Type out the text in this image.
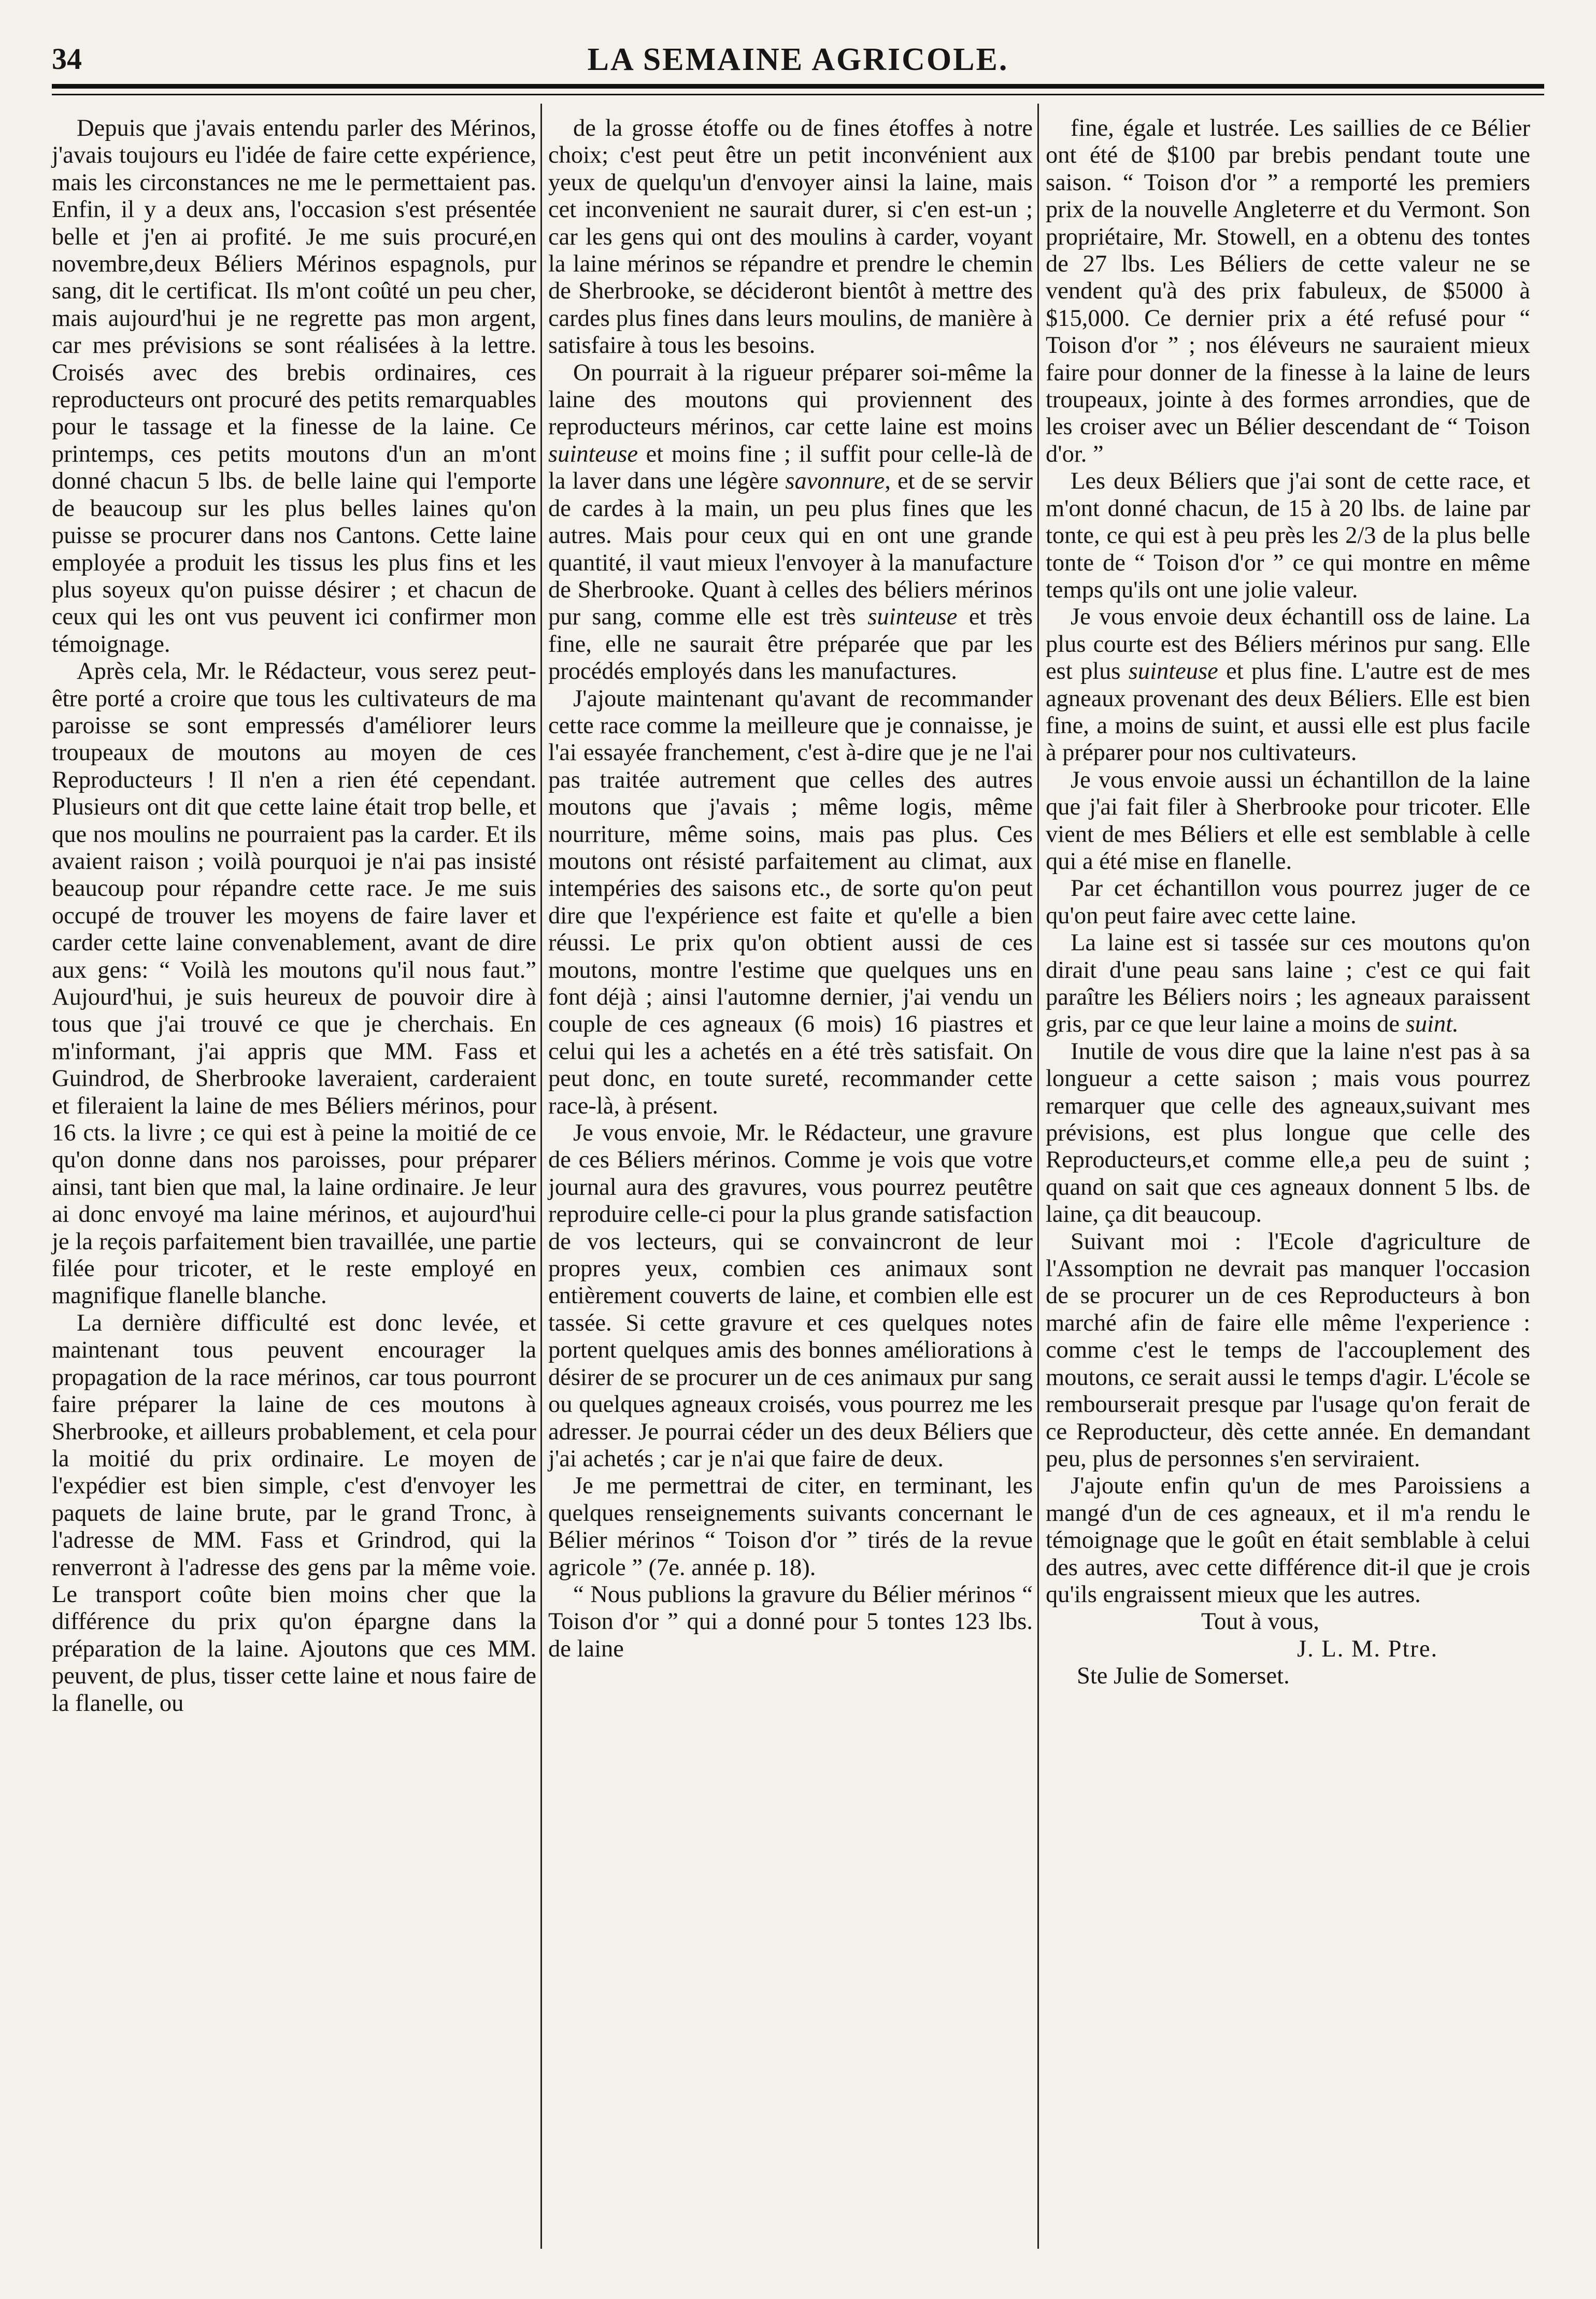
34	LA SEMAINE AGRICOLE.

Depuis que j'avais entendu parler des Mérinos, j'avais toujours eu l'idée de faire cette expérience, mais les circonstances ne me le permettaient pas. Enfin, il y a deux ans, l'occasion s'est présentée belle et j'en ai profité. Je me suis procuré,en novembre,deux Béliers Mérinos espagnols, pur sang, dit le certificat. Ils m'ont coûté un peu cher, mais aujourd'hui je ne regrette pas mon argent, car mes prévisions se sont réalisées à la lettre. Croisés avec des brebis ordinaires, ces reproducteurs ont procuré des petits remarquables pour le tassage et la finesse de la laine. Ce printemps, ces petits moutons d'un an m'ont donné chacun 5 lbs. de belle laine qui l'emporte de beaucoup sur les plus belles laines qu'on puisse se procurer dans nos Cantons. Cette laine employée a produit les tissus les plus fins et les plus soyeux qu'on puisse désirer ; et chacun de ceux qui les ont vus peuvent ici confirmer mon témoignage.

Après cela, Mr. le Rédacteur, vous serez peut-être porté a croire que tous les cultivateurs de ma paroisse se sont empressés d'améliorer leurs troupeaux de moutons au moyen de ces Reproducteurs ! Il n'en a rien été cependant. Plusieurs ont dit que cette laine était trop belle, et que nos moulins ne pourraient pas la carder. Et ils avaient raison ; voilà pourquoi je n'ai pas insisté beaucoup pour répandre cette race. Je me suis occupé de trouver les moyens de faire laver et carder cette laine convenablement, avant de dire aux gens: “ Voilà les moutons qu'il nous faut.” Aujourd'hui, je suis heureux de pouvoir dire à tous que j'ai trouvé ce que je cherchais. En m'informant, j'ai appris que MM. Fass et Guindrod, de Sherbrooke laveraient, carderaient et fileraient la laine de mes Béliers mérinos, pour 16 cts. la livre ; ce qui est à peine la moitié de ce qu'on donne dans nos paroisses, pour préparer ainsi, tant bien que mal, la laine ordinaire. Je leur ai donc envoyé ma laine mérinos, et aujourd'hui je la reçois parfaitement bien travaillée, une partie filée pour tricoter, et le reste employé en magnifique flanelle blanche.

La dernière difficulté est donc levée, et maintenant tous peuvent encourager la propagation de la race mérinos, car tous pourront faire préparer la laine de ces moutons à Sherbrooke, et ailleurs probablement, et cela pour la moitié du prix ordinaire. Le moyen de l'expédier est bien simple, c'est d'envoyer les paquets de laine brute, par le grand Tronc, à l'adresse de MM. Fass et Grindrod, qui la renverront à l'adresse des gens par la même voie. Le transport coûte bien moins cher que la différence du prix qu'on épargne dans la préparation de la laine. Ajoutons que ces MM. peuvent, de plus, tisser cette laine et nous faire de la flanelle, ou

de la grosse étoffe ou de fines étoffes à notre choix; c'est peut être un petit inconvénient aux yeux de quelqu'un d'envoyer ainsi la laine, mais cet inconvenient ne saurait durer, si c'en est-un ; car les gens qui ont des moulins à carder, voyant la laine mérinos se répandre et prendre le chemin de Sherbrooke, se décideront bientôt à mettre des cardes plus fines dans leurs moulins, de manière à satisfaire à tous les besoins.

On pourrait à la rigueur préparer soi-même la laine des moutons qui proviennent des reproducteurs mérinos, car cette laine est moins suinteuse et moins fine ; il suffit pour celle-là de la laver dans une légère savonnure, et de se servir de cardes à la main, un peu plus fines que les autres. Mais pour ceux qui en ont une grande quantité, il vaut mieux l'envoyer à la manufacture de Sherbrooke. Quant à celles des béliers mérinos pur sang, comme elle est très suinteuse et très fine, elle ne saurait être préparée que par les procédés employés dans les manufactures.

J'ajoute maintenant qu'avant de recommander cette race comme la meilleure que je connaisse, je l'ai essayée franchement, c'est à-dire que je ne l'ai pas traitée autrement que celles des autres moutons que j'avais ; même logis, même nourriture, même soins, mais pas plus. Ces moutons ont résisté parfaitement au climat, aux intempéries des saisons etc., de sorte qu'on peut dire que l'expérience est faite et qu'elle a bien réussi. Le prix qu'on obtient aussi de ces moutons, montre l'estime que quelques uns en font déjà ; ainsi l'automne dernier, j'ai vendu un couple de ces agneaux (6 mois) 16 piastres et celui qui les a achetés en a été très satisfait. On peut donc, en toute sureté, recommander cette race-là, à présent.

Je vous envoie, Mr. le Rédacteur, une gravure de ces Béliers mérinos. Comme je vois que votre journal aura des gravures, vous pourrez peutêtre reproduire celle-ci pour la plus grande satisfaction de vos lecteurs, qui se convaincront de leur propres yeux, combien ces animaux sont entièrement couverts de laine, et combien elle est tassée. Si cette gravure et ces quelques notes portent quelques amis des bonnes améliorations à désirer de se procurer un de ces animaux pur sang ou quelques agneaux croisés, vous pourrez me les adresser. Je pourrai céder un des deux Béliers que j'ai achetés ; car je n'ai que faire de deux.

Je me permettrai de citer, en terminant, les quelques renseignements suivants concernant le Bélier mérinos “ Toison d'or ” tirés de la revue agricole ” (7e. année p. 18).

“ Nous publions la gravure du Bélier mérinos “ Toison d'or ” qui a donné pour 5 tontes 123 lbs. de laine

fine, égale et lustrée. Les saillies de ce Bélier ont été de $100 par brebis pendant toute une saison. “ Toison d'or ” a remporté les premiers prix de la nouvelle Angleterre et du Vermont. Son propriétaire, Mr. Stowell, en a obtenu des tontes de 27 lbs. Les Béliers de cette valeur ne se vendent qu'à des prix fabuleux, de $5000 à $15,000. Ce dernier prix a été refusé pour “ Toison d'or ” ; nos éléveurs ne sauraient mieux faire pour donner de la finesse à la laine de leurs troupeaux, jointe à des formes arrondies, que de les croiser avec un Bélier descendant de “ Toison d'or. ”

Les deux Béliers que j'ai sont de cette race, et m'ont donné chacun, de 15 à 20 lbs. de laine par tonte, ce qui est à peu près les 2/3 de la plus belle tonte de “ Toison d'or ” ce qui montre en même temps qu'ils ont une jolie valeur.

Je vous envoie deux échantill oss de laine. La plus courte est des Béliers mérinos pur sang. Elle est plus suinteuse et plus fine. L'autre est de mes agneaux provenant des deux Béliers. Elle est bien fine, a moins de suint, et aussi elle est plus facile à préparer pour nos cultivateurs.

Je vous envoie aussi un échantillon de la laine que j'ai fait filer à Sherbrooke pour tricoter. Elle vient de mes Béliers et elle est semblable à celle qui a été mise en flanelle.

Par cet échantillon vous pourrez juger de ce qu'on peut faire avec cette laine.

La laine est si tassée sur ces moutons qu'on dirait d'une peau sans laine ; c'est ce qui fait paraître les Béliers noirs ; les agneaux paraissent gris, par ce que leur laine a moins de suint.

Inutile de vous dire que la laine n'est pas à sa longueur a cette saison ; mais vous pourrez remarquer que celle des agneaux,suivant mes prévisions, est plus longue que celle des Reproducteurs,et comme elle,a peu de suint ; quand on sait que ces agneaux donnent 5 lbs. de laine, ça dit beaucoup.

Suivant moi : l'Ecole d'agriculture de l'Assomption ne devrait pas manquer l'occasion de se procurer un de ces Reproducteurs à bon marché afin de faire elle même l'experience : comme c'est le temps de l'accouplement des moutons, ce serait aussi le temps d'agir. L'école se rembourserait presque par l'usage qu'on ferait de ce Reproducteur, dès cette année. En demandant peu, plus de personnes s'en serviraient.

J'ajoute enfin qu'un de mes Paroissiens a mangé d'un de ces agneaux, et il m'a rendu le témoignage que le goût en était semblable à celui des autres, avec cette différence dit-il que je crois qu'ils engraissent mieux que les autres.

Tout à vous,
J. L. M. Ptre.
Ste Julie de Somerset.
